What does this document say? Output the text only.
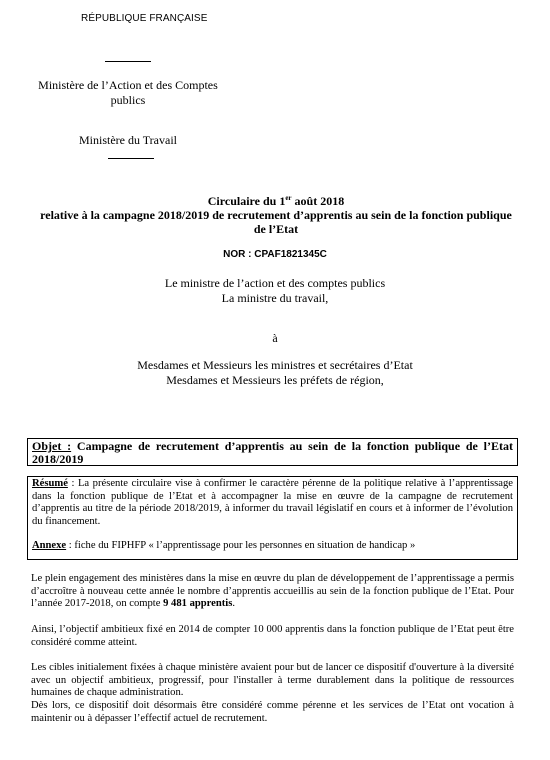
RÉPUBLIQUE FRANÇAISE
Ministère de l’Action et des Comptes
publics
Ministère du Travail
Circulaire du 1er août 2018
relative à la campagne 2018/2019 de recrutement d’apprentis au sein de la fonction publique
de l’Etat
NOR : CPAF1821345C
Le ministre de l’action et des comptes publics
La ministre du travail,
à
Mesdames et Messieurs les ministres et secrétaires d’Etat
Mesdames et Messieurs les préfets de région,
Objet : Campagne de recrutement d’apprentis au sein de la fonction publique de l’Etat 2018/2019

Résumé : La présente circulaire vise à confirmer le caractère pérenne de la politique relative à l’apprentissage dans la fonction publique de l’Etat et à accompagner la mise en œuvre de la campagne de recrutement d’apprentis au titre de la période 2018/2019, à informer du travail législatif en cours et à informer de l’évolution du financement.

Annexe : fiche du FIPHFP « l’apprentissage pour les personnes en situation de handicap »

Le plein engagement des ministères dans la mise en œuvre du plan de développement de l’apprentissage a permis d’accroître à nouveau cette année le nombre d’apprentis accueillis au sein de la fonction publique de l’Etat. Pour l’année 2017-2018, on compte 9 481 apprentis.

Ainsi, l’objectif ambitieux fixé en 2014 de compter 10 000 apprentis dans la fonction publique de l’Etat peut être considéré comme atteint.

Les cibles initialement fixées à chaque ministère avaient pour but de lancer ce dispositif d'ouverture à la diversité avec un objectif ambitieux, progressif, pour l'installer à terme durablement dans la politique de ressources humaines de chaque administration.

Dès lors, ce dispositif doit désormais être considéré comme pérenne et les services de l’Etat ont vocation à maintenir ou à dépasser l’effectif actuel de recrutement.
